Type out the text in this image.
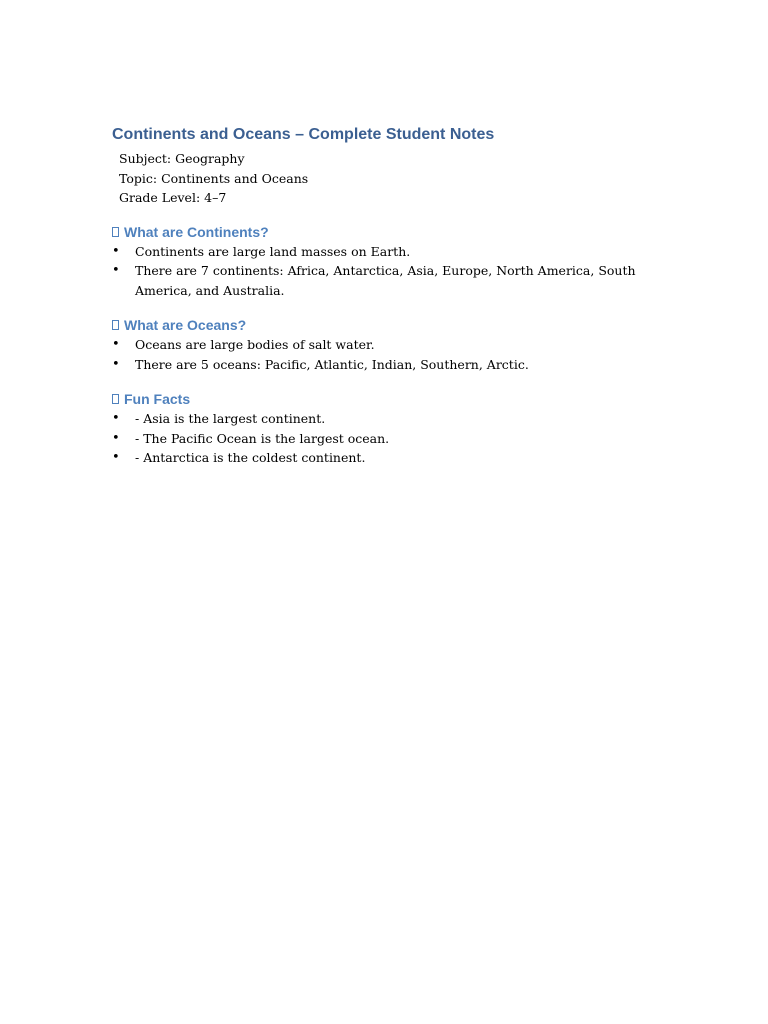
Continents and Oceans – Complete Student Notes

Subject: Geography

Topic: Continents and Oceans

Grade Level: 4–7

What are Continents?
• Continents are large land masses on Earth.
• There are 7 continents: Africa, Antarctica, Asia, Europe, North America, South America, and Australia.
What are Oceans?
• Oceans are large bodies of salt water.
• There are 5 oceans: Pacific, Atlantic, Indian, Southern, Arctic.
Fun Facts
• - Asia is the largest continent.
• - The Pacific Ocean is the largest ocean.
• - Antarctica is the coldest continent.
